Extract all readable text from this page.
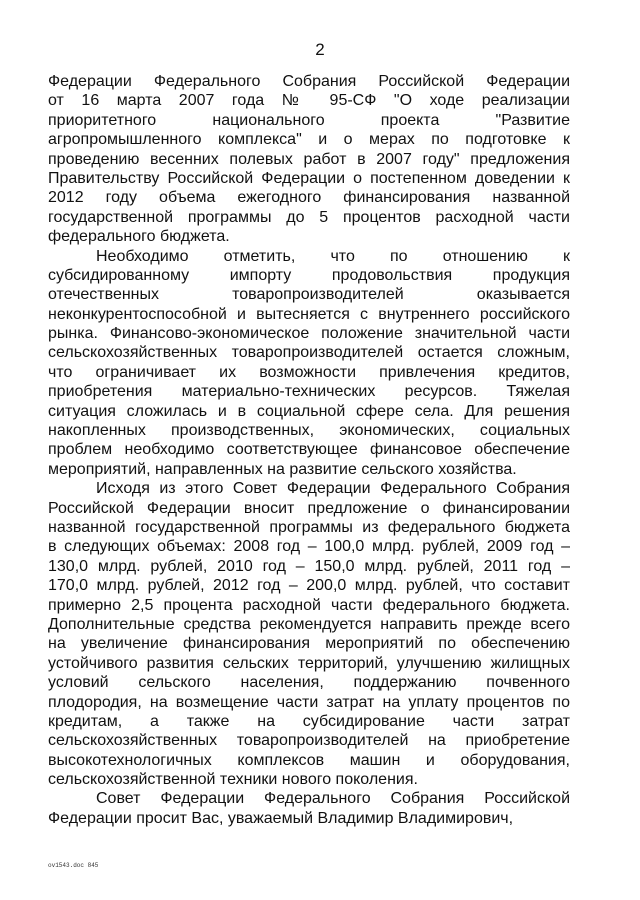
2
Федерации Федерального Собрания Российской Федерации
от 16 марта 2007 года № 95-СФ "О ходе реализации
приоритетного национального проекта "Развитие
агропромышленного комплекса" и о мерах по подготовке к
проведению весенних полевых работ в 2007 году" предложения
Правительству Российской Федерации о постепенном доведении к
2012 году объема ежегодного финансирования названной
государственной программы до 5 процентов расходной части
федерального бюджета.
Необходимо отметить, что по отношению к
субсидированному импорту продовольствия продукция
отечественных товаропроизводителей оказывается
неконкурентоспособной и вытесняется с внутреннего российского
рынка. Финансово-экономическое положение значительной части
сельскохозяйственных товаропроизводителей остается сложным,
что ограничивает их возможности привлечения кредитов,
приобретения материально-технических ресурсов. Тяжелая
ситуация сложилась и в социальной сфере села. Для решения
накопленных производственных, экономических, социальных
проблем необходимо соответствующее финансовое обеспечение
мероприятий, направленных на развитие сельского хозяйства.
Исходя из этого Совет Федерации Федерального Собрания
Российской Федерации вносит предложение о финансировании
названной государственной программы из федерального бюджета
в следующих объемах: 2008 год – 100,0 млрд. рублей, 2009 год –
130,0 млрд. рублей, 2010 год – 150,0 млрд. рублей, 2011 год –
170,0 млрд. рублей, 2012 год – 200,0 млрд. рублей, что составит
примерно 2,5 процента расходной части федерального бюджета.
Дополнительные средства рекомендуется направить прежде всего
на увеличение финансирования мероприятий по обеспечению
устойчивого развития сельских территорий, улучшению жилищных
условий сельского населения, поддержанию почвенного
плодородия, на возмещение части затрат на уплату процентов по
кредитам, а также на субсидирование части затрат
сельскохозяйственных товаропроизводителей на приобретение
высокотехнологичных комплексов машин и оборудования,
сельскохозяйственной техники нового поколения.
Совет Федерации Федерального Собрания Российской
Федерации просит Вас, уважаемый Владимир Владимирович,
ov1543.doc 845
